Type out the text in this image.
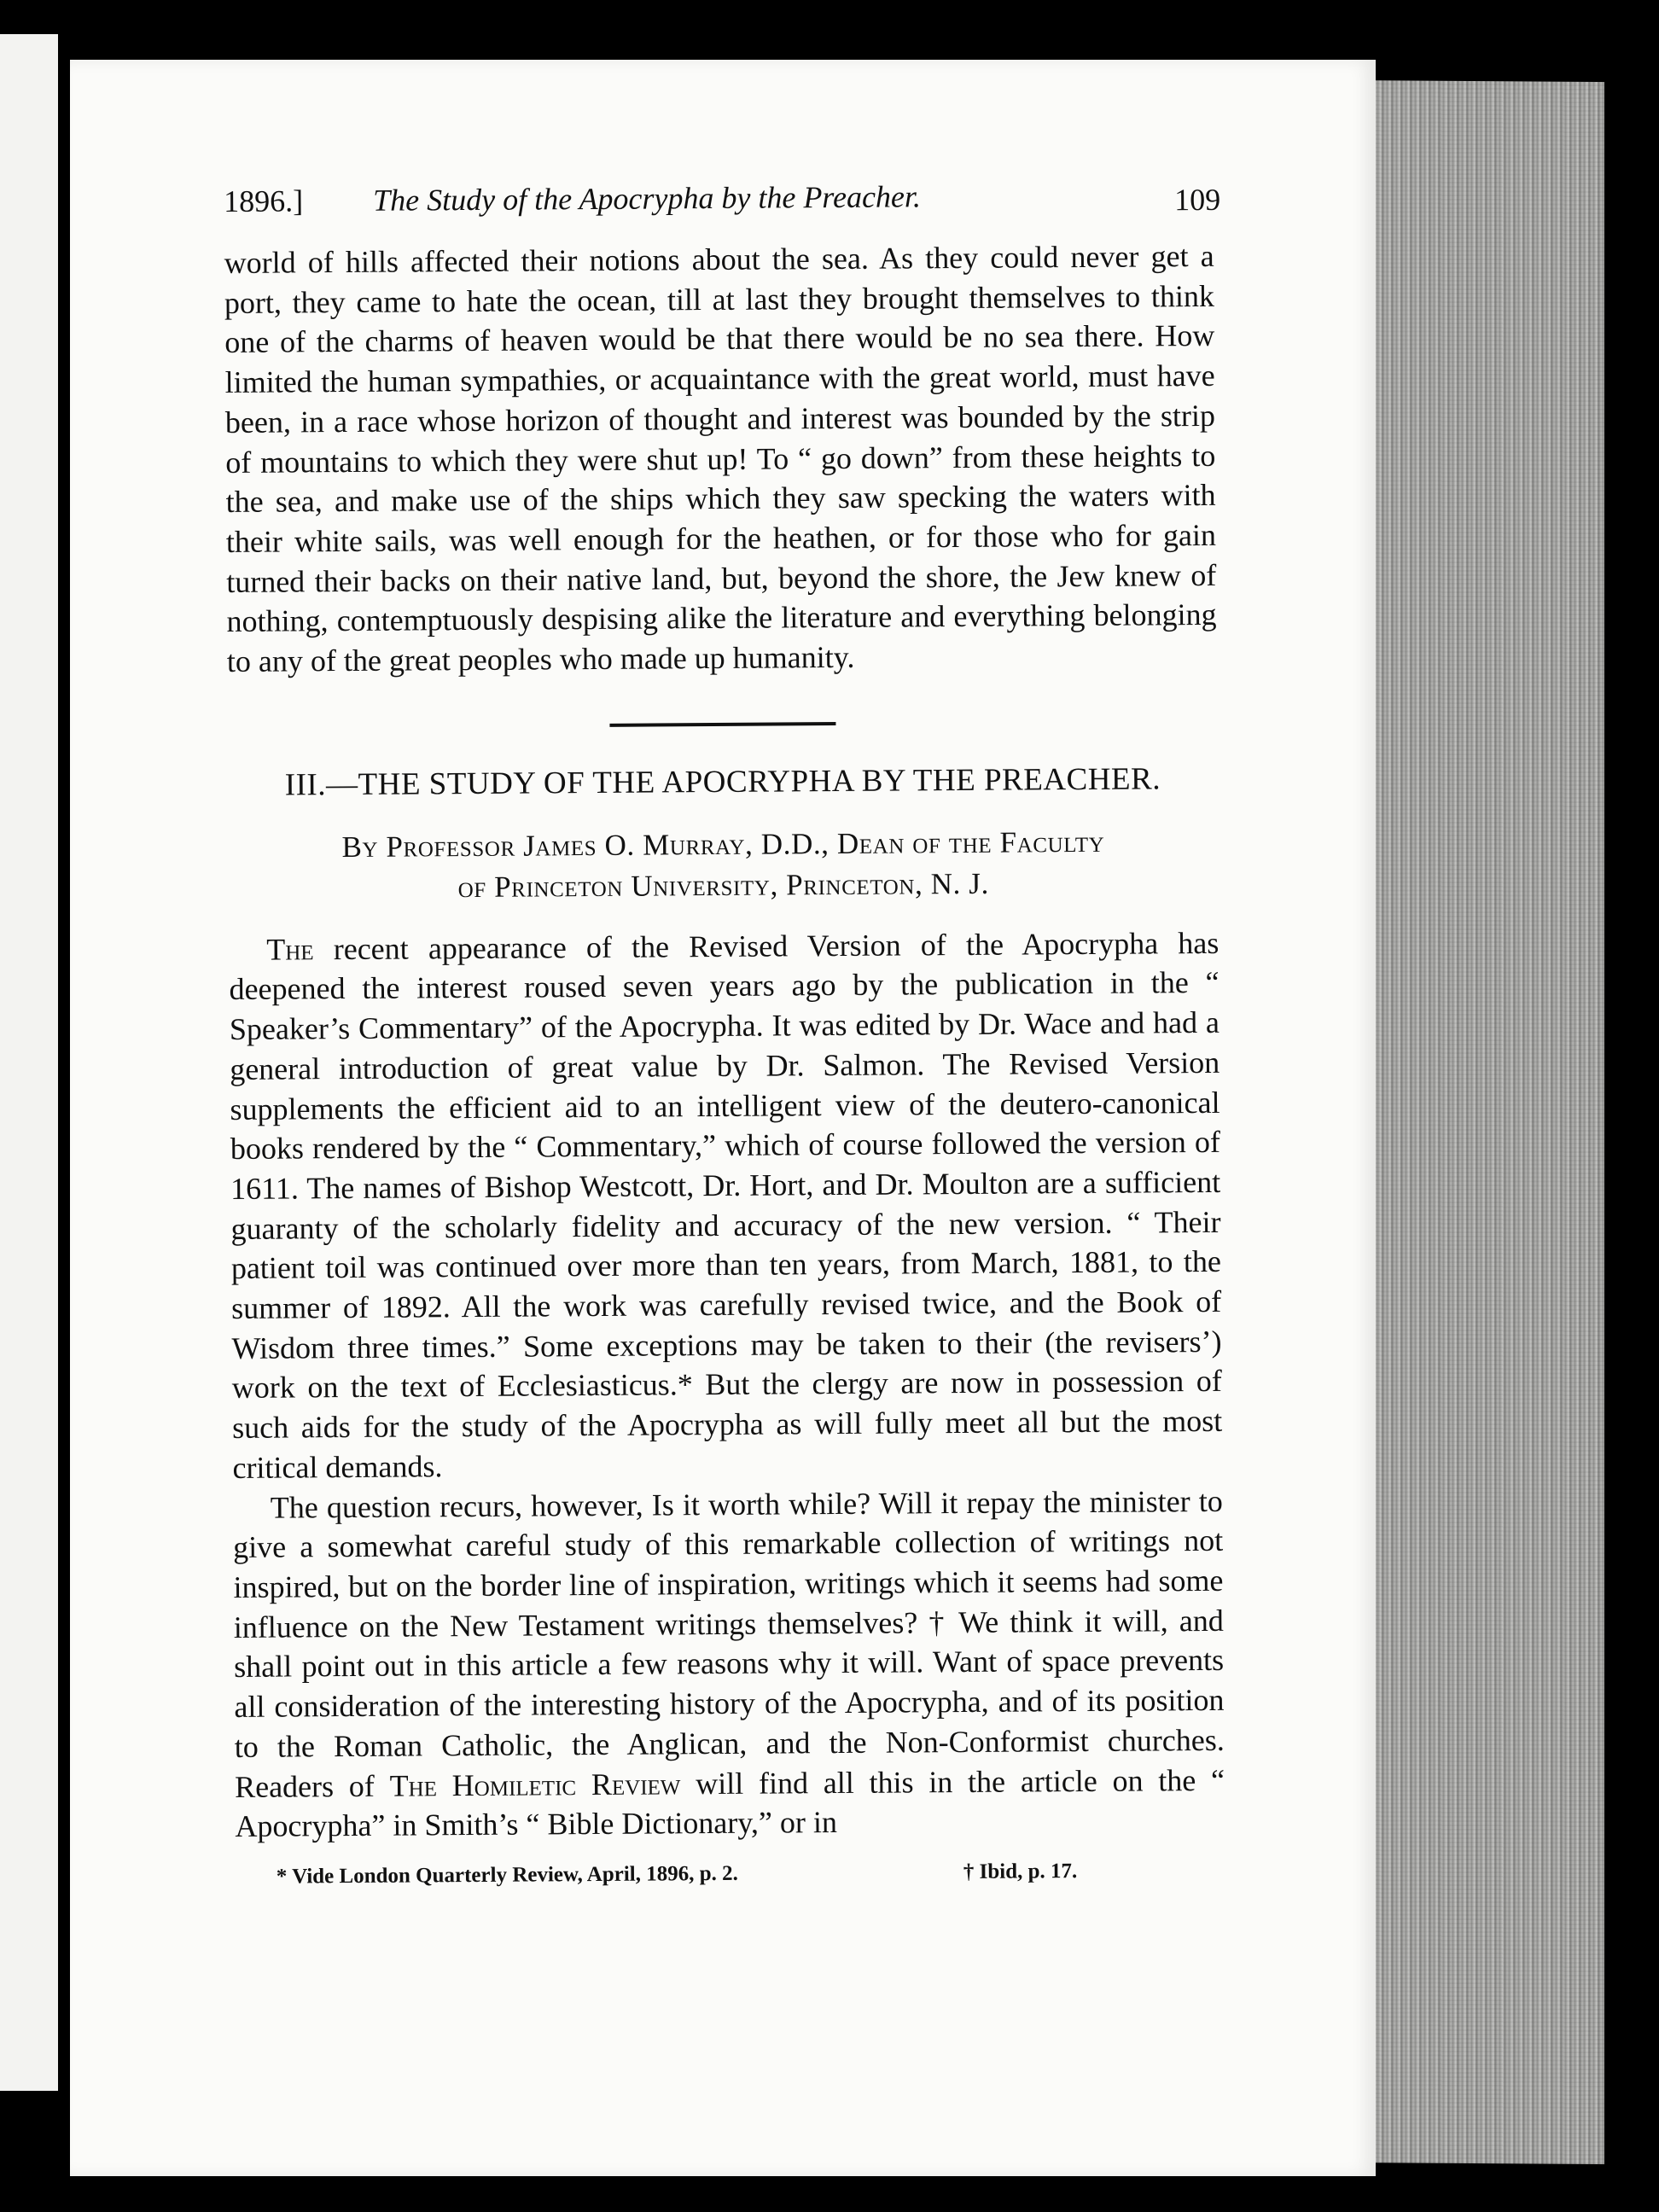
1896.] The Study of the Apocrypha by the Preacher.	109

world of hills affected their notions about the sea. As they could never get a port, they came to hate the ocean, till at last they brought themselves to think one of the charms of heaven would be that there would be no sea there. How limited the human sympathies, or acquaintance with the great world, must have been, in a race whose horizon of thought and interest was bounded by the strip of mountains to which they were shut up! To “ go down” from these heights to the sea, and make use of the ships which they saw specking the waters with their white sails, was well enough for the heathen, or for those who for gain turned their backs on their native land, but, beyond the shore, the Jew knew of nothing, contemptuously despising alike the literature and everything belonging to any of the great peoples who made up humanity.

III.—THE STUDY OF THE APOCRYPHA BY THE PREACHER.
By Professor James O. Murray, D.D., Dean of the Faculty
of Princeton University, Princeton, N. J.

The recent appearance of the Revised Version of the Apocrypha has deepened the interest roused seven years ago by the publication in the “ Speaker’s Commentary” of the Apocrypha. It was edited by Dr. Wace and had a general introduction of great value by Dr. Salmon. The Revised Version supplements the efficient aid to an intelligent view of the deutero-canonical books rendered by the “ Commentary,” which of course followed the version of 1611. The names of Bishop Westcott, Dr. Hort, and Dr. Moulton are a sufficient guaranty of the scholarly fidelity and accuracy of the new version. “ Their patient toil was continued over more than ten years, from March, 1881, to the summer of 1892. All the work was carefully revised twice, and the Book of Wisdom three times.” Some exceptions may be taken to their (the revisers’) work on the text of Ecclesiasticus.* But the clergy are now in possession of such aids for the study of the Apocrypha as will fully meet all but the most critical demands.

The question recurs, however, Is it worth while? Will it repay the minister to give a somewhat careful study of this remarkable collection of writings not inspired, but on the border line of inspiration, writings which it seems had some influence on the New Testament writings themselves? † We think it will, and shall point out in this article a few reasons why it will. Want of space prevents all consideration of the interesting history of the Apocrypha, and of its position to the Roman Catholic, the Anglican, and the Non-Conformist churches. Readers of The Homiletic Review will find all this in the article on the “ Apocrypha” in Smith’s “ Bible Dictionary,” or in

* Vide London Quarterly Review, April, 1896, p. 2.	† Ibid, p. 17.
